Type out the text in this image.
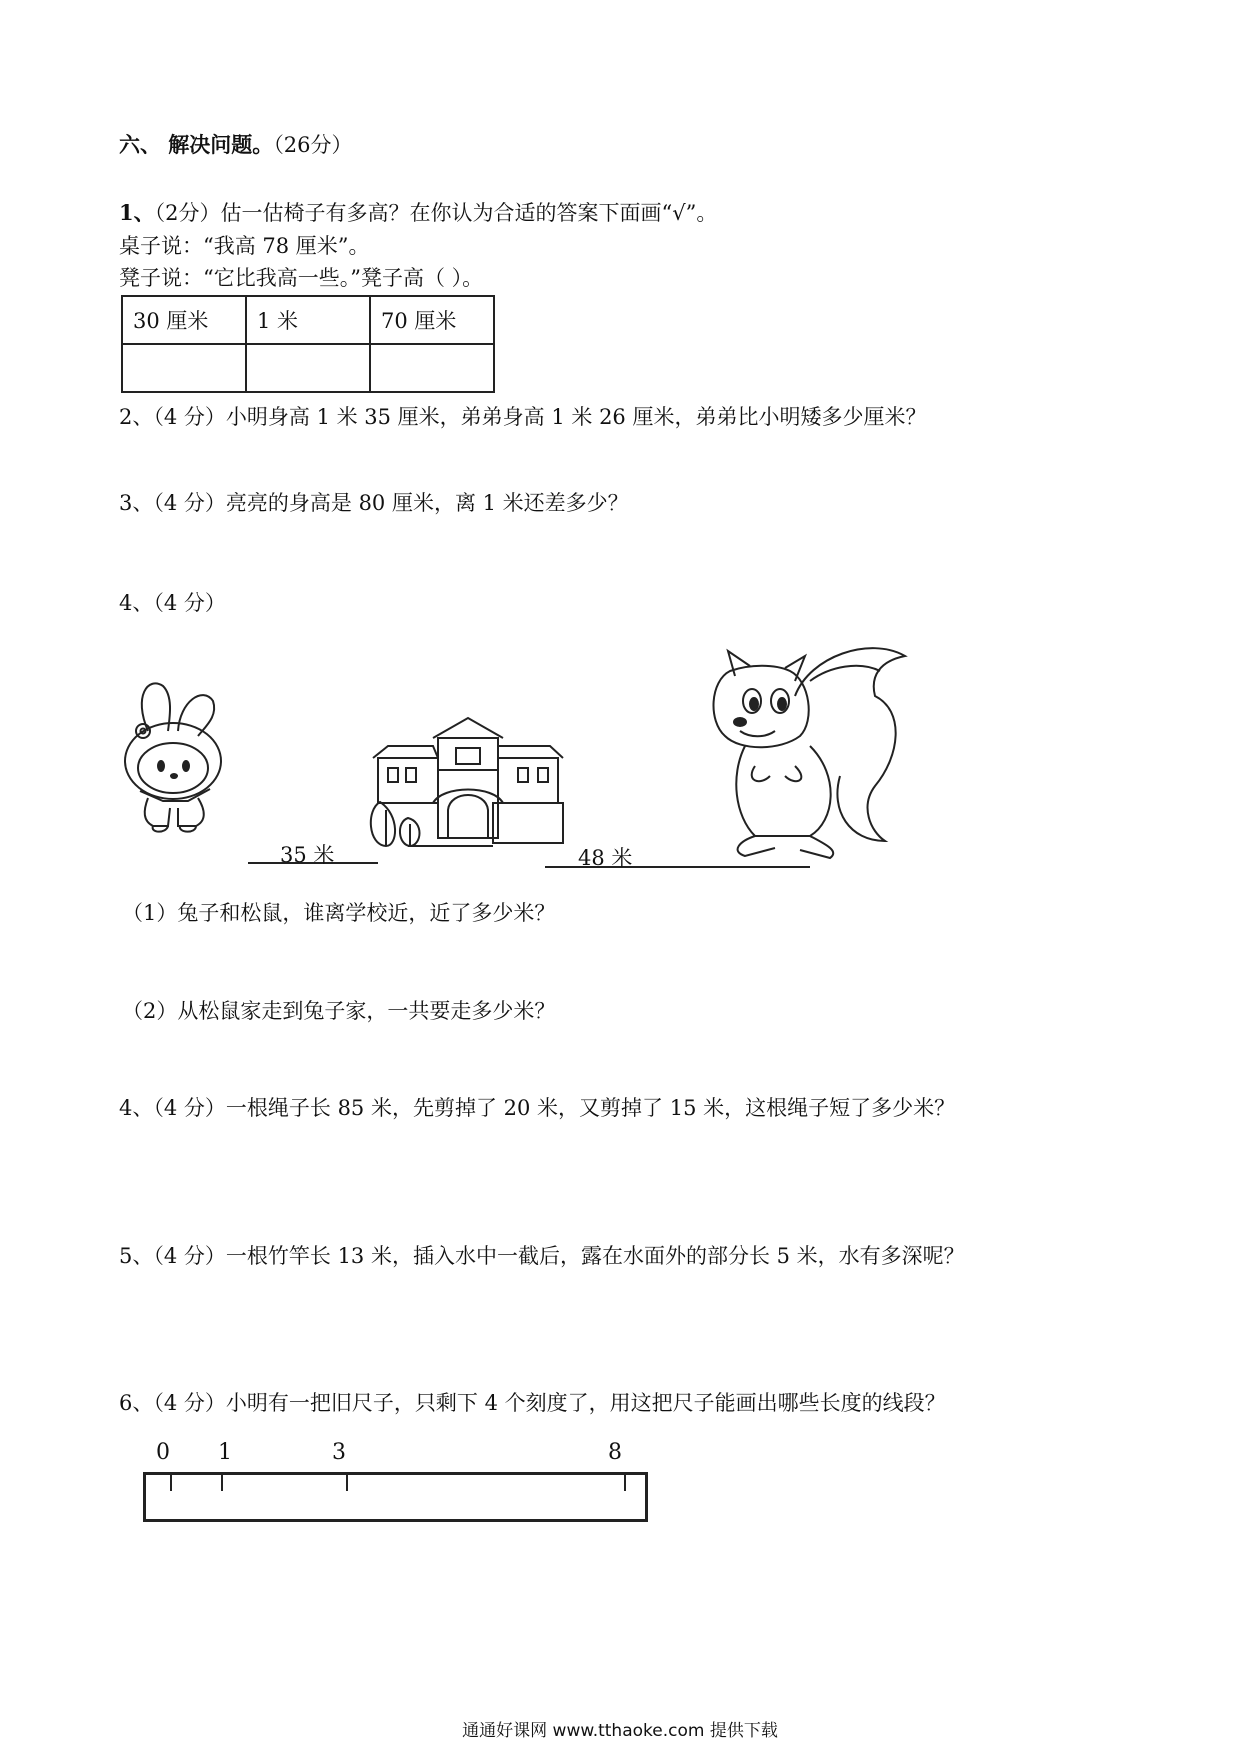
六、 解决问题。（26分）
1、（2分）估一估椅子有多高？在你认为合适的答案下面画“√”。
桌子说：“我高 78 厘米”。
凳子说：“它比我高一些。”凳子高（ ）。
30 厘米	1 米	70 厘米

2、（4 分）小明身高 1 米 35 厘米，弟弟身高 1 米 26 厘米，弟弟比小明矮多少厘米？
3、（4 分）亮亮的身高是 80 厘米，离 1 米还差多少？
4、（4 分）
35 米	48 米
（1）兔子和松鼠，谁离学校近，近了多少米？
（2）从松鼠家走到兔子家，一共要走多少米？
4、（4 分）一根绳子长 85 米，先剪掉了 20 米，又剪掉了 15 米，这根绳子短了多少米？
5、（4 分）一根竹竿长 13 米，插入水中一截后，露在水面外的部分长 5 米，水有多深呢？
6、（4 分）小明有一把旧尺子，只剩下 4 个刻度了，用这把尺子能画出哪些长度的线段？
0 1	3	8
通通好课网 www.tthaoke.com 提供下载
